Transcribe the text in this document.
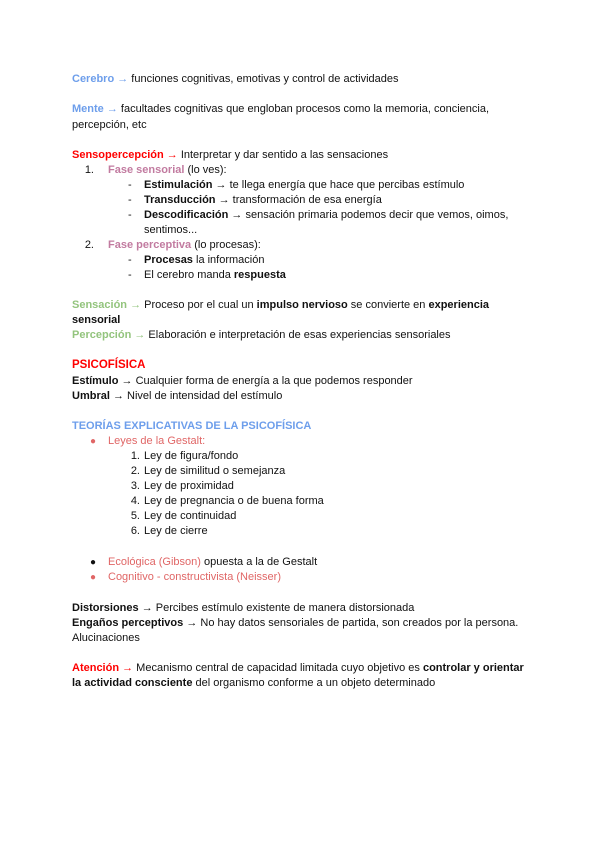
Cerebro → funciones cognitivas, emotivas y control de actividades
Mente → facultades cognitivas que engloban procesos como la memoria, conciencia,
percepción, etc
Sensopercepción → Interpretar y dar sentido a las sensaciones
1. Fase sensorial (lo ves):
- Estimulación → te llega energía que hace que percibas estímulo
- Transducción → transformación de esa energía
- Descodificación → sensación primaria podemos decir que vemos, oimos,
sentimos...
2. Fase perceptiva (lo procesas):
- Procesas la información
- El cerebro manda respuesta
Sensación → Proceso por el cual un impulso nervioso se convierte en experiencia
sensorial
Percepción → Elaboración e interpretación de esas experiencias sensoriales
PSICOFÍSICA
Estímulo → Cualquier forma de energía a la que podemos responder
Umbral → Nivel de intensidad del estímulo
TEORÍAS EXPLICATIVAS DE LA PSICOFÍSICA
● Leyes de la Gestalt:
1. Ley de figura/fondo
2. Ley de similitud o semejanza
3. Ley de proximidad
4. Ley de pregnancia o de buena forma
5. Ley de continuidad
6. Ley de cierre
● Ecológica (Gibson) opuesta a la de Gestalt
● Cognitivo - constructivista (Neisser)
Distorsiones → Percibes estímulo existente de manera distorsionada
Engaños perceptivos → No hay datos sensoriales de partida, son creados por la persona.
Alucinaciones
Atención → Mecanismo central de capacidad limitada cuyo objetivo es controlar y orientar
la actividad consciente del organismo conforme a un objeto determinado
